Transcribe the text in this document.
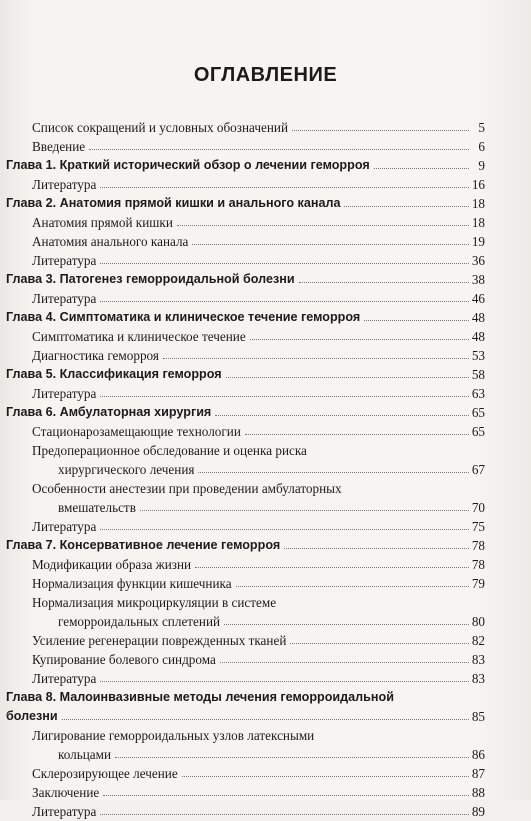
ОГЛАВЛЕНИЕ
Список сокращений и условных обозначений	5
Введение	6
Глава 1. Краткий исторический обзор о лечении геморроя	9
Литература	16
Глава 2. Анатомия прямой кишки и анального канала	18
Анатомия прямой кишки	18
Анатомия анального канала	19
Литература	36
Глава 3. Патогенез геморроидальной болезни	38
Литература	46
Глава 4. Симптоматика и клиническое течение геморроя	48
Симптоматика и клиническое течение	48
Диагностика геморроя	53
Глава 5. Классификация геморроя	58
Литература	63
Глава 6. Амбулаторная хирургия	65
Стационарозамещающие технологии	65
Предоперационное обследование и оценка риска
хирургического лечения	67
Особенности анестезии при проведении амбулаторных
вмешательств	70
Литература	75
Глава 7. Консервативное лечение геморроя	78
Модификации образа жизни	78
Нормализация функции кишечника	79
Нормализация микроциркуляции в системе
геморроидальных сплетений	80
Усиление регенерации поврежденных тканей	82
Купирование болевого синдрома	83
Литература	83
Глава 8. Малоинвазивные методы лечения геморроидальной
болезни	85
Лигирование геморроидальных узлов латексными
кольцами	86
Склерозирующее лечение	87
Заключение	88
Литература	89
